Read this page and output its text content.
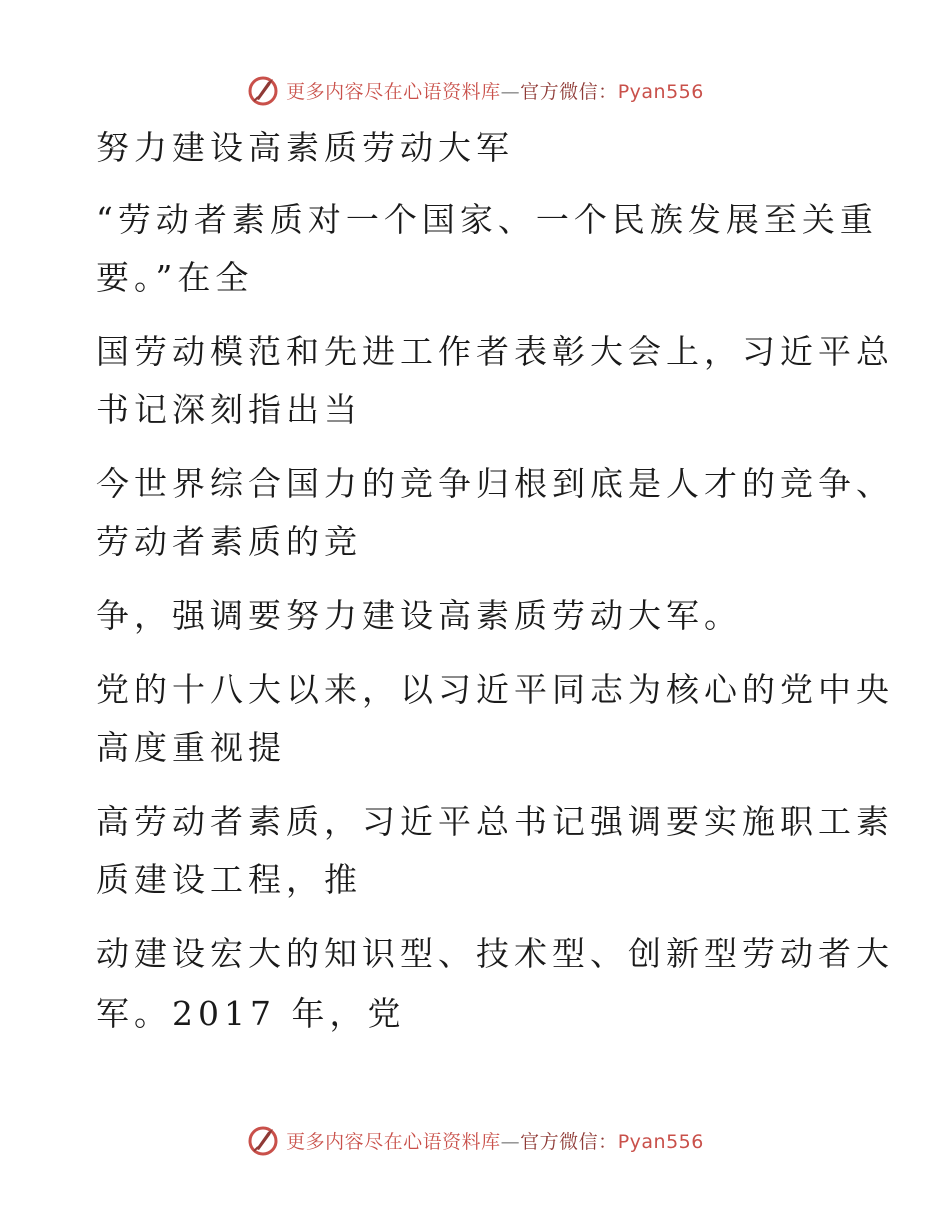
更多内容尽在心语资料库—官方微信：Pyan556
努力建设高素质劳动大军
“劳动者素质对一个国家、一个民族发展至关重
要。”在全
国劳动模范和先进工作者表彰大会上，习近平总
书记深刻指出当
今世界综合国力的竞争归根到底是人才的竞争、
劳动者素质的竞
争，强调要努力建设高素质劳动大军。
党的十八大以来，以习近平同志为核心的党中央
高度重视提
高劳动者素质，习近平总书记强调要实施职工素
质建设工程，推
动建设宏大的知识型、技术型、创新型劳动者大
军。2017 年，党
更多内容尽在心语资料库—官方微信：Pyan556
